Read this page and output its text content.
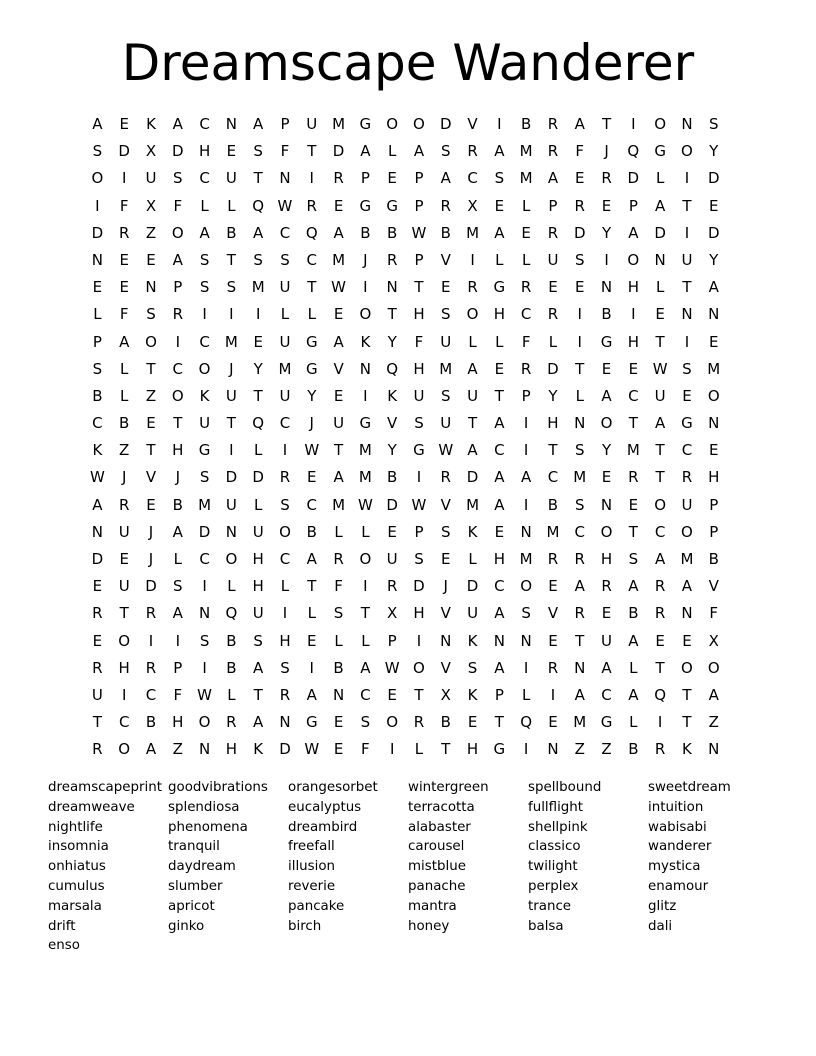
Dreamscape Wanderer
A	E	K	A	C	N	A	P	U M G	O O	D	V	I	B	R	A	T	I	O	N	S
S	D	X	D	H	E	S	F	T	D	A	L	A	S	R	A	M	R	F	J	Q	G	O	Y
O	I	U	S	C	U	T	N	I	R	P	E	P	A	C	S	M	A	E	R	D	L	I	D
I	F	X	F	L	L	Q W R	E	G	G	P	R	X	E	L	P	R	E	P	A	T	E
D	R	Z	O	A	B	A	C	Q	A	B	B W B	M	A	E	R	D	Y	A	D	I	D
N	E	E	A	S	T	S	S	C	M	J	R	P	V	I	L	L	U	S	I	O	N	U	Y
E	E	N	P	S	S	M U	T W	I	N	T	E	R	G	R	E	E	N	H	L	T	A
L	F	S	R	I	I	I	L	L	E	O	T	H	S	O	H	C	R	I	B	I	E	N	N
P	A	O	I	C	M	E	U	G	A	K	Y	F	U	L	L	F	L	I	G	H	T	I	E
S	L	T	C	O	J	Y	M G	V	N	Q	H M	A	E	R	D	T	E	E W S	M
B	L	Z	O	K	U	T	U	Y	E	I	K	U	S	U	T	P	Y	L	A	C	U	E	O
C	B	E	T	U	T	Q	C	J	U	G	V	S	U	T	A	I	H	N	O	T	A	G	N
K	Z	T	H	G	I	L	I	W T	M	Y	G W A	C	I	T	S	Y	M	T	C	E
W	J	V	J	S	D	D	R	E	A	M	B	I	R	D	A	A	C	M	E	R	T	R	H
A	R	E	B	M U	L	S	C	M W D W V	M	A	I	B	S	N	E	O	U	P
N	U	J	A	D	N	U	O	B	L	L	E	P	S	K	E	N M	C	O	T	C	O	P
D	E	J	L	C	O	H	C	A	R	O	U	S	E	L	H M	R	R	H	S	A	M	B
E	U	D	S	I	L	H	L	T	F	I	R	D	J	D	C	O	E	A	R	A	R	A	V
R	T	R	A	N	Q	U	I	L	S	T	X	H	V	U	A	S	V	R	E	B	R	N	F
E	O	I	I	S	B	S	H	E	L	L	P	I	N	K	N	N	E	T	U	A	E	E	X
R	H	R	P	I	B	A	S	I	B	A W O	V	S	A	I	R	N	A	L	T	O O
U	I	C	F	W	L	T	R	A	N	C	E	T	X	K	P	L	I	A	C	A	Q	T	A
T	C	B	H	O	R	A	N	G	E	S	O	R	B	E	T	Q	E	M G	L	I	T	Z
R	O	A	Z	N	H	K	D W E	F	I	L	T	H	G	I	N	Z	Z	B	R	K	N
dreamscapeprint
dreamweave
nightlife
insomnia
onhiatus
cumulus
marsala
drift
enso
goodvibrations
splendiosa
phenomena
tranquil
daydream
slumber
apricot
ginko
orangesorbet
eucalyptus
dreambird
freefall
illusion
reverie
pancake
birch
wintergreen
terracotta
alabaster
carousel
mistblue
panache
mantra
honey
spellbound
fullflight
shellpink
classico
twilight
perplex
trance
balsa
sweetdream
intuition
wabisabi
wanderer
mystica
enamour
glitz
dali
